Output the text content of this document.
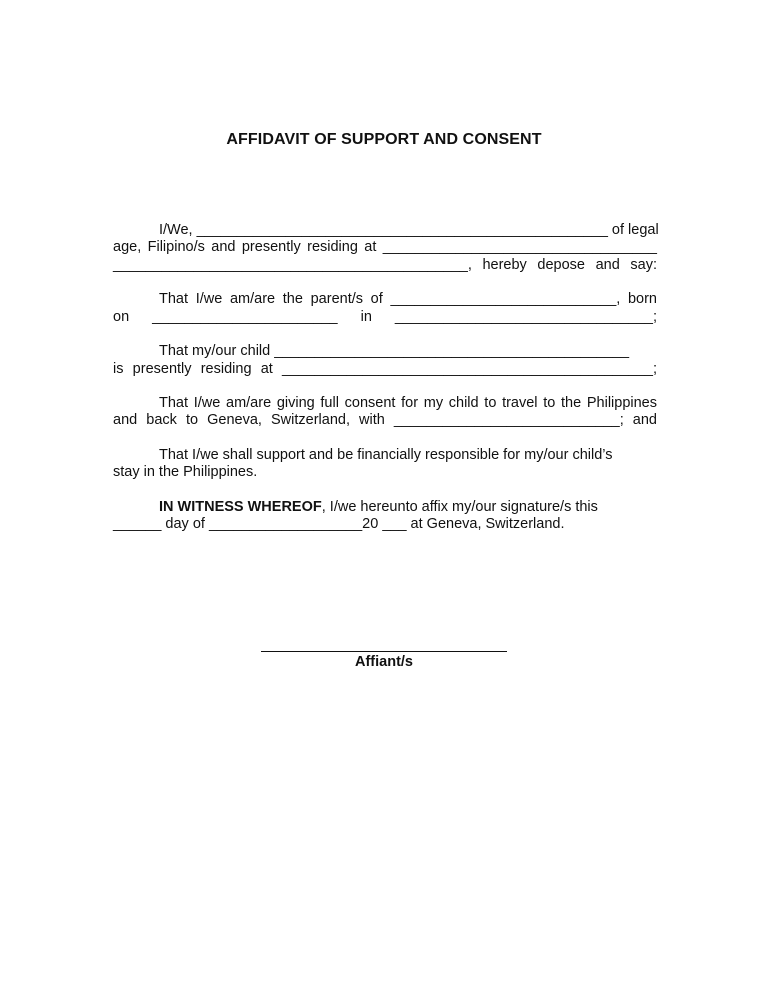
AFFIDAVIT OF SUPPORT AND CONSENT
I/We, ___________________________________________________ of legal
age, Filipino/s and presently residing at __________________________________
____________________________________________, hereby depose and say:
That I/we am/are the parent/s of ____________________________, born
on _______________________ in ________________________________;
That my/our child ____________________________________________
is presently residing at ______________________________________________;
That I/we am/are giving full consent for my child to travel to the Philippines
and back to Geneva, Switzerland, with ____________________________; and
That I/we shall support and be financially responsible for my/our child’s
stay in the Philippines.
IN WITNESS WHEREOF, I/we hereunto affix my/our signature/s this
______ day of ___________________20 ___ at Geneva, Switzerland.
Affiant/s
